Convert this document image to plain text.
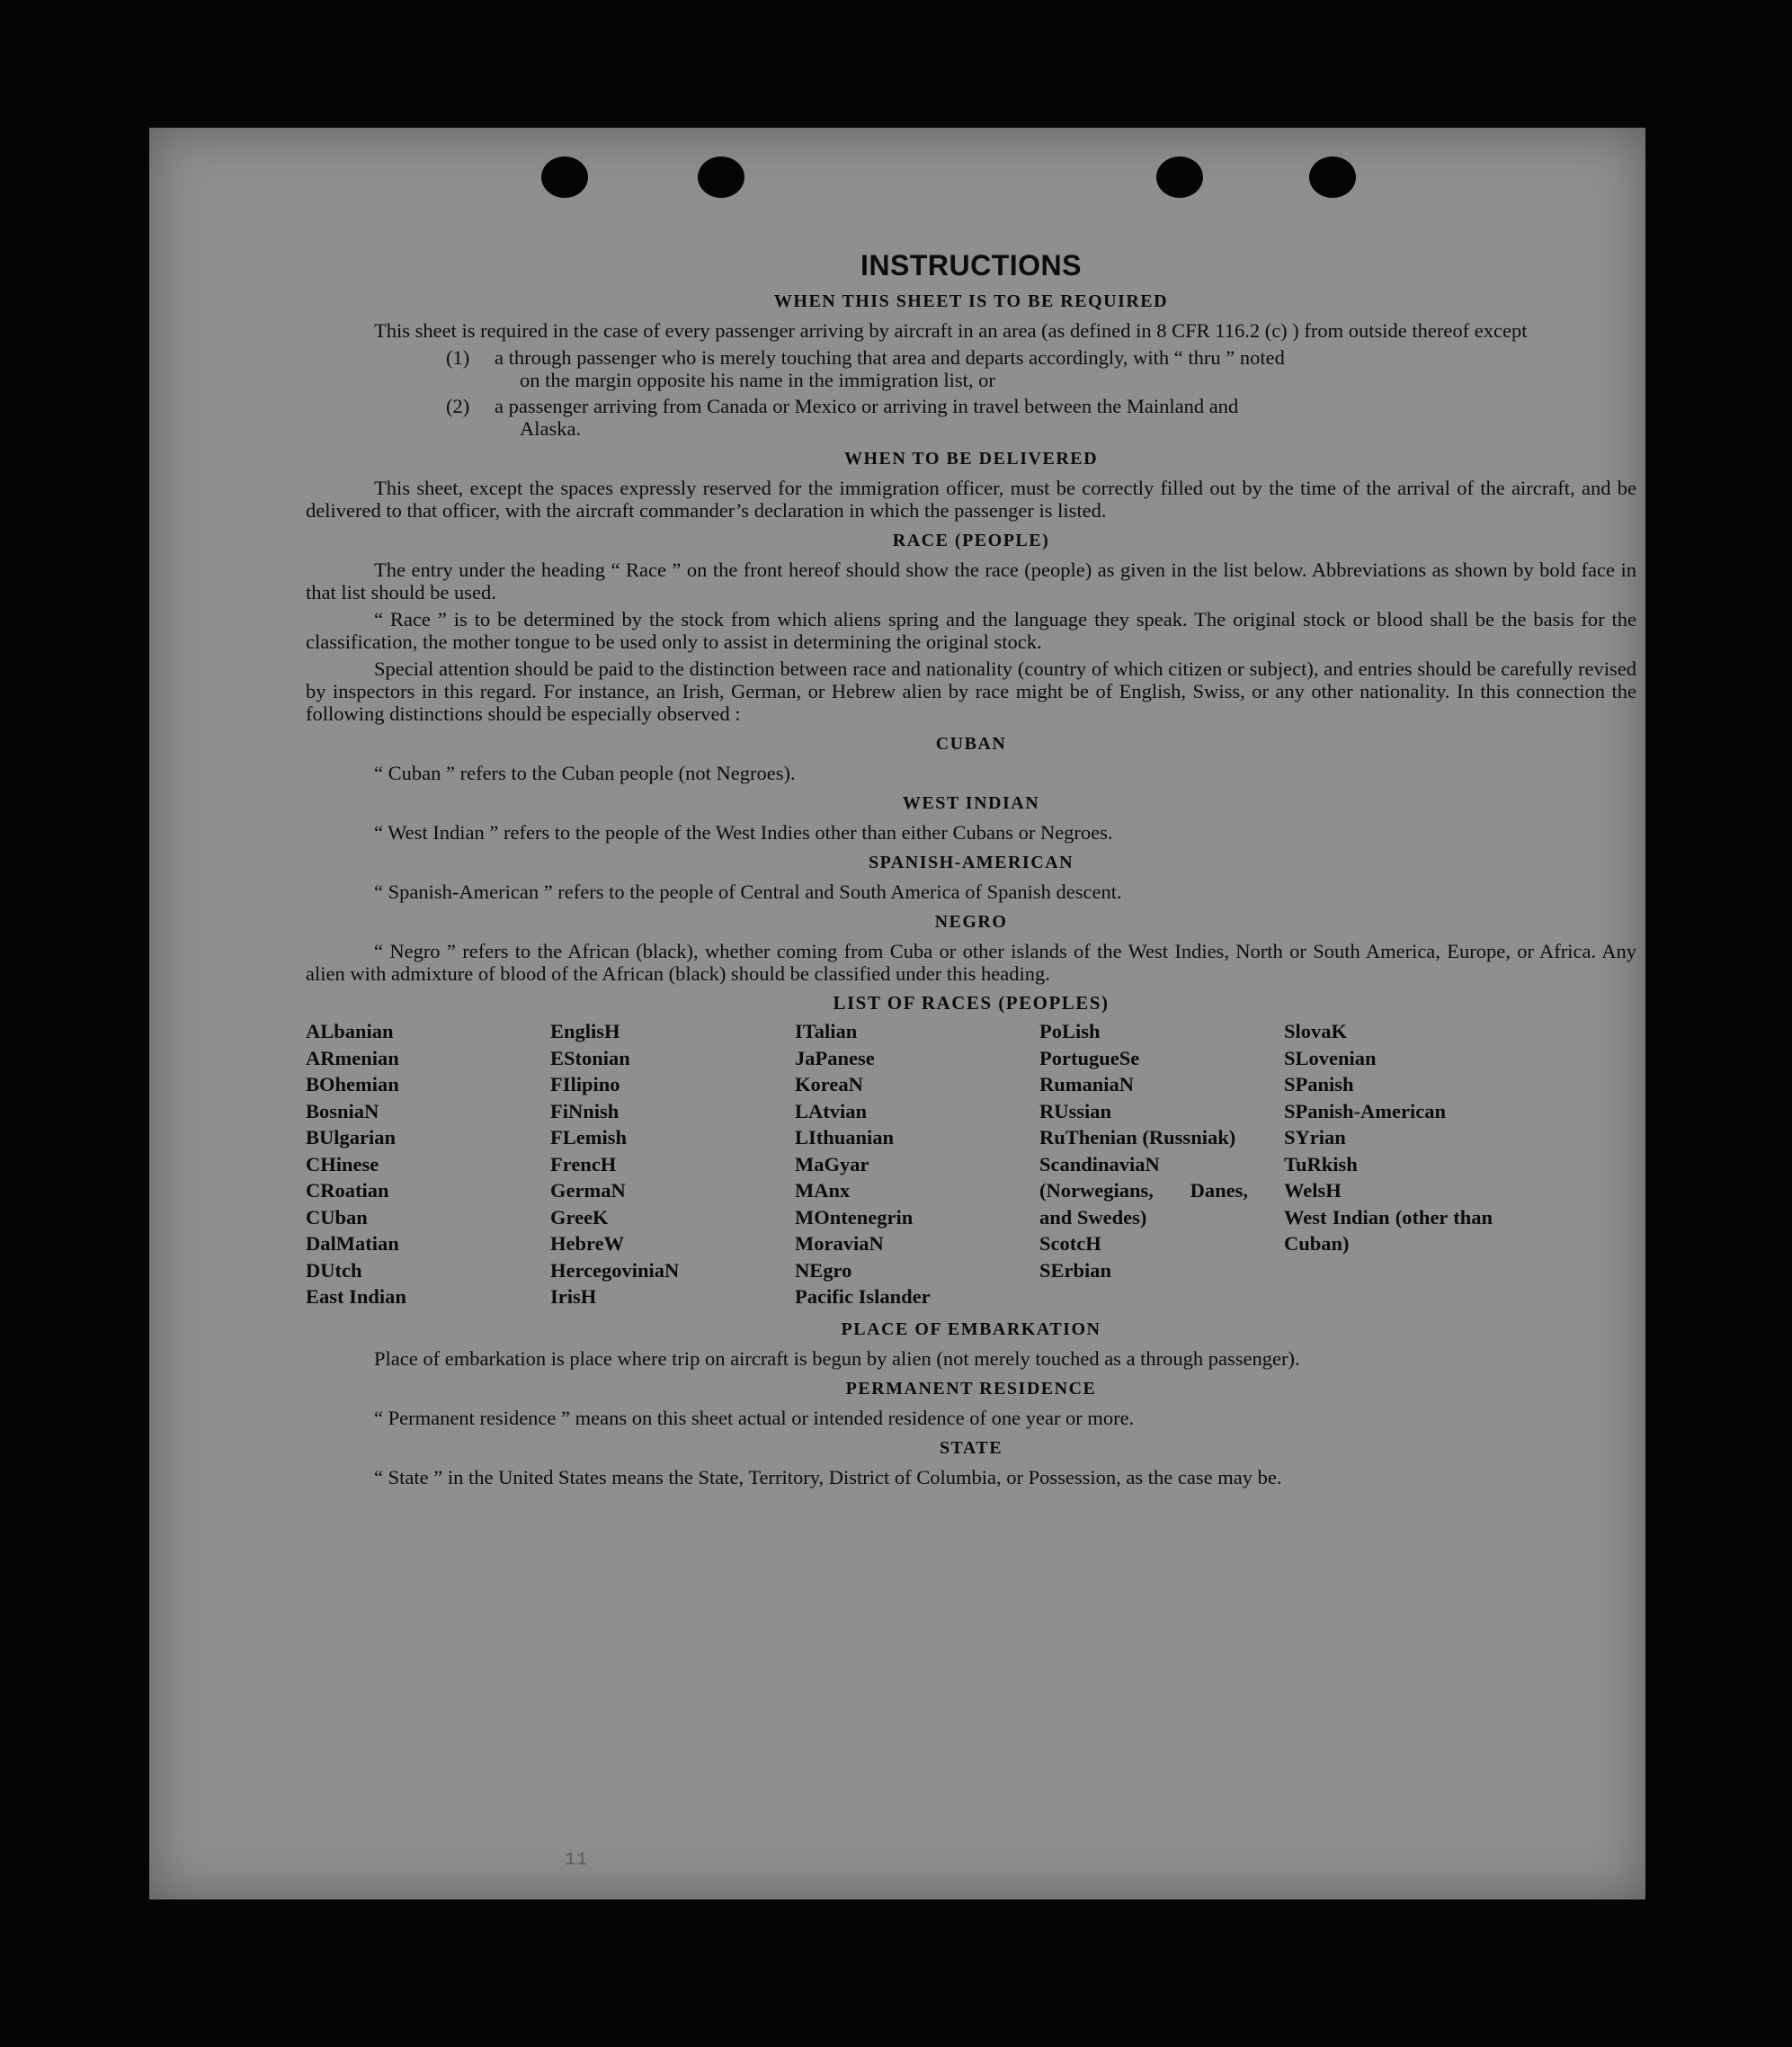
INSTRUCTIONS
WHEN THIS SHEET IS TO BE REQUIRED

This sheet is required in the case of every passenger arriving by aircraft in an area (as defined in 8 CFR 116.2 (c) ) from outside thereof except

(1)	a through passenger who is merely touching that area and departs accordingly, with “ thru ” noted
on the margin opposite his name in the immigration list, or
(2)	a passenger arriving from Canada or Mexico or arriving in travel between the Mainland and
Alaska.
WHEN TO BE DELIVERED

This sheet, except the spaces expressly reserved for the immigration officer, must be correctly filled out by the time of the arrival of the aircraft, and be delivered to that officer, with the aircraft commander’s declaration in which the passenger is listed.

RACE (PEOPLE)

The entry under the heading “ Race ” on the front hereof should show the race (people) as given in the list below. Abbreviations as shown by bold face in that list should be used.

“ Race ” is to be determined by the stock from which aliens spring and the language they speak. The original stock or blood shall be the basis for the classification, the mother tongue to be used only to assist in determining the original stock.

Special attention should be paid to the distinction between race and nationality (country of which citizen or subject), and entries should be carefully revised by inspectors in this regard. For instance, an Irish, German, or Hebrew alien by race might be of English, Swiss, or any other nationality. In this connection the following distinctions should be especially observed :

CUBAN

“ Cuban ” refers to the Cuban people (not Negroes).

WEST INDIAN

“ West Indian ” refers to the people of the West Indies other than either Cubans or Negroes.

SPANISH-AMERICAN

“ Spanish-American ” refers to the people of Central and South America of Spanish descent.

NEGRO

“ Negro ” refers to the African (black), whether coming from Cuba or other islands of the West Indies, North or South America, Europe, or Africa. Any alien with admixture of blood of the African (black) should be classified under this heading.

LIST OF RACES (PEOPLES)
ALbanian
ARmenian
BOhemian
BosniaN
BUlgarian
CHinese
CRoatian
CUban
DalMatian
DUtch
East Indian
EnglisH
EStonian
FIlipino
FiNnish
FLemish
FrencH
GermaN
GreeK
HebreW
HercegovinіaN
IrisH
ITalian
JaPanese
KoreaN
LAtvian
LIthuanian
MaGyar
MAnx
MOntenegrin
MoraviaN
NEgro
Pacific Islander
PoLish
PortugueSe
RumaniaN
RUssian
RuThenian (Russniak)
ScandinaviaN (Norwegians, Danes, and Swedes)
ScotcH
SErbian
SlovaK
SLovenian
SPanish
SPanish-American
SYrian
TuRkish
WelsH
West Indian (other than Cuban)
PLACE OF EMBARKATION

Place of embarkation is place where trip on aircraft is begun by alien (not merely touched as a through passenger).

PERMANENT RESIDENCE

“ Permanent residence ” means on this sheet actual or intended residence of one year or more.

STATE

“ State ” in the United States means the State, Territory, District of Columbia, or Possession, as the case may be.

11
